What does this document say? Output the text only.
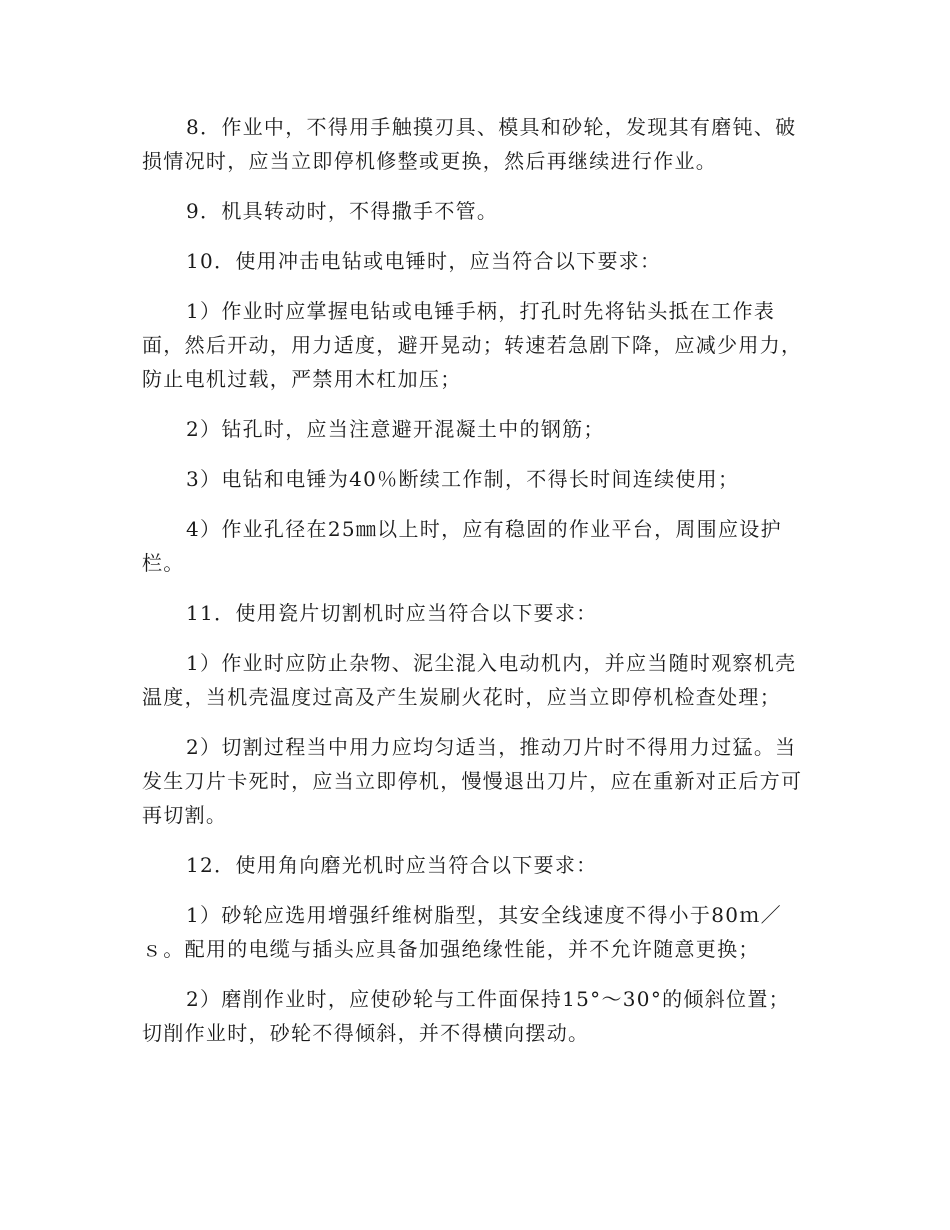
8．作业中，不得用手触摸刃具、模具和砂轮，发现其有磨钝、破损情况时，应当立即停机修整或更换，然后再继续进行作业。

9．机具转动时，不得撒手不管。

10．使用冲击电钻或电锤时，应当符合以下要求：

1）作业时应掌握电钻或电锤手柄，打孔时先将钻头抵在工作表面，然后开动，用力适度，避开晃动；转速若急剧下降，应减少用力，防止电机过载，严禁用木杠加压；

2）钻孔时，应当注意避开混凝土中的钢筋；

3）电钻和电锤为40％断续工作制，不得长时间连续使用；

4）作业孔径在25㎜以上时，应有稳固的作业平台，周围应设护栏。

11．使用瓷片切割机时应当符合以下要求：

1）作业时应防止杂物、泥尘混入电动机内，并应当随时观察机壳温度，当机壳温度过高及产生炭刷火花时，应当立即停机检查处理；

2）切割过程当中用力应均匀适当，推动刀片时不得用力过猛。当发生刀片卡死时，应当立即停机，慢慢退出刀片，应在重新对正后方可再切割。

12．使用角向磨光机时应当符合以下要求：

1）砂轮应选用增强纤维树脂型，其安全线速度不得小于80ｍ／ｓ。配用的电缆与插头应具备加强绝缘性能，并不允许随意更换；

2）磨削作业时，应使砂轮与工件面保持15°～30°的倾斜位置；切削作业时，砂轮不得倾斜，并不得横向摆动。
